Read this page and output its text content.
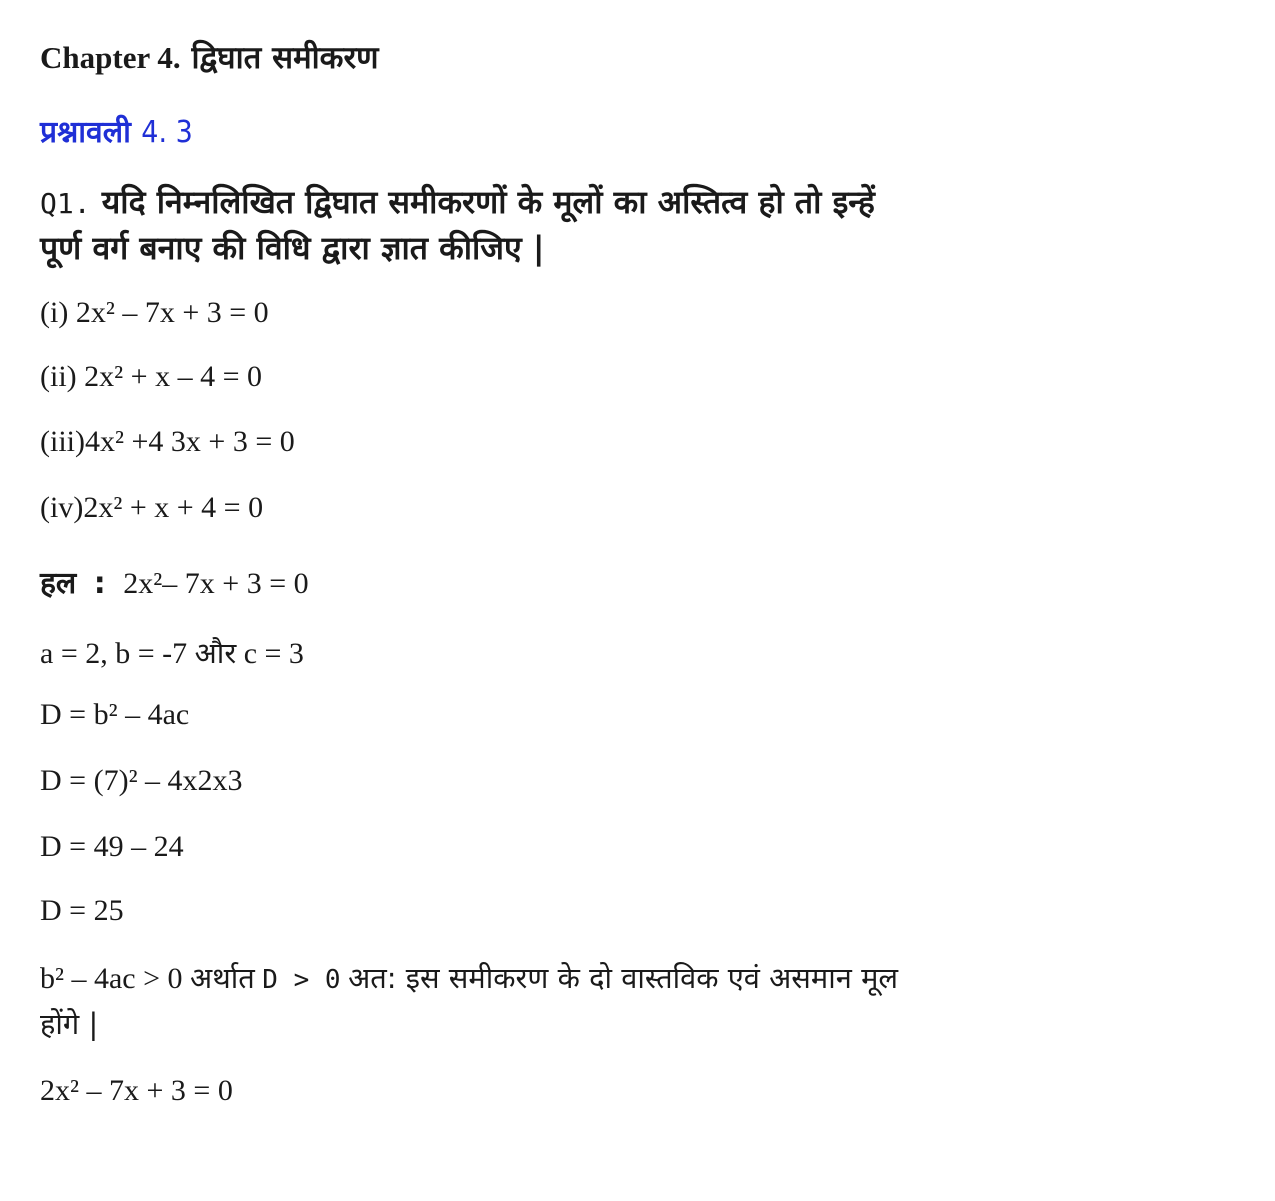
Chapter 4. द्विघात समीकरण
प्रश्नावली 4. 3
Q1. यदि निम्नलिखित द्विघात समीकरणों के मूलों का अस्तित्व हो तो इन्हें पूर्ण वर्ग बनाए की विधि द्वारा ज्ञात कीजिए |
(i) 2x² – 7x + 3 = 0
(ii) 2x² + x – 4 = 0
(iii)4x² +4 3x + 3 = 0
(iv)2x² + x + 4 = 0
हल : 2x²– 7x + 3 = 0
a = 2, b = -7 और c = 3
D = b² – 4ac
D = (7)² – 4x2x3
D = 49 – 24
D = 25
b² – 4ac > 0 अर्थात D > 0 अत: इस समीकरण के दो वास्तविक एवं असमान मूल होंगे |
2x² – 7x + 3 = 0
